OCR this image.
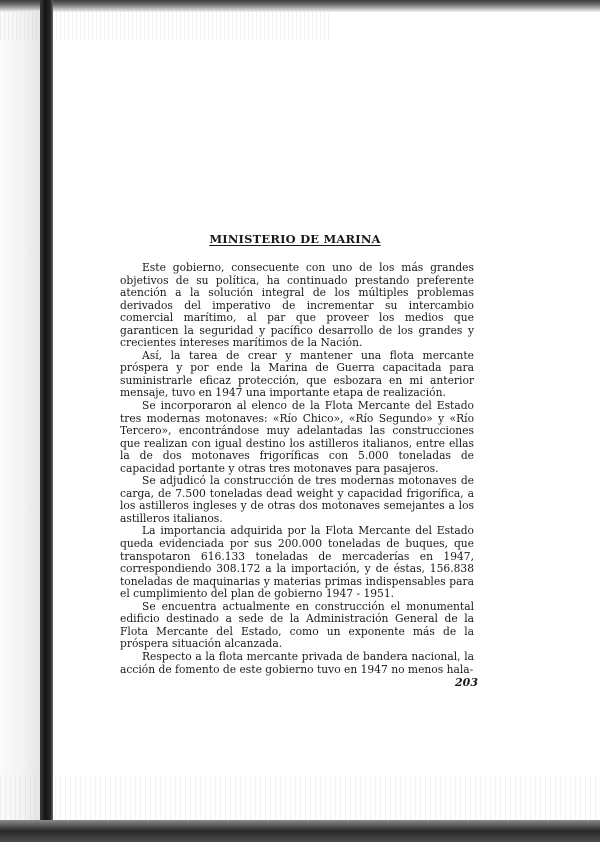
MINISTERIO DE MARINA

Este gobierno, consecuente con uno de los más grandes objetivos de su política, ha continuado prestando preferente atención a la solución integral de los múltiples problemas derivados del imperativo de incrementar su intercambio comercial marítimo, al par que proveer los medios que garanticen la seguridad y pacífico desarrollo de los grandes y crecientes intereses marítimos de la Nación.

Así, la tarea de crear y mantener una flota mercante próspera y por ende la Marina de Guerra capacitada para suministrarle eficaz protección, que esbozara en mi anterior mensaje, tuvo en 1947 una importante etapa de realización.

Se incorporaron al elenco de la Flota Mercante del Estado tres modernas motonaves: «Río Chico», «Río Segundo» y «Río Tercero», encontrándose muy adelantadas las construcciones que realizan con igual destino los astilleros italianos, entre ellas la de dos motonaves frigoríficas con 5.000 toneladas de capacidad portante y otras tres motonaves para pasajeros.

Se adjudicó la construcción de tres modernas motonaves de carga, de 7.500 toneladas dead weight y capacidad frigorífica, a los astilleros ingleses y de otras dos motonaves semejantes a los astilleros italianos.

La importancia adquirida por la Flota Mercante del Estado queda evidenciada por sus 200.000 toneladas de buques, que transpotaron 616.133 toneladas de mercaderías en 1947, correspondiendo 308.172 a la importación, y de éstas, 156.838 toneladas de maquinarias y materias primas indispensables para el cumplimiento del plan de gobierno 1947 - 1951.

Se encuentra actualmente en construcción el monumental edificio destinado a sede de la Administración General de la Flota Mercante del Estado, como un exponente más de la próspera situación alcanzada.

Respecto a la flota mercante privada de bandera nacional, la acción de fomento de este gobierno tuvo en 1947 no menos hala-

203
